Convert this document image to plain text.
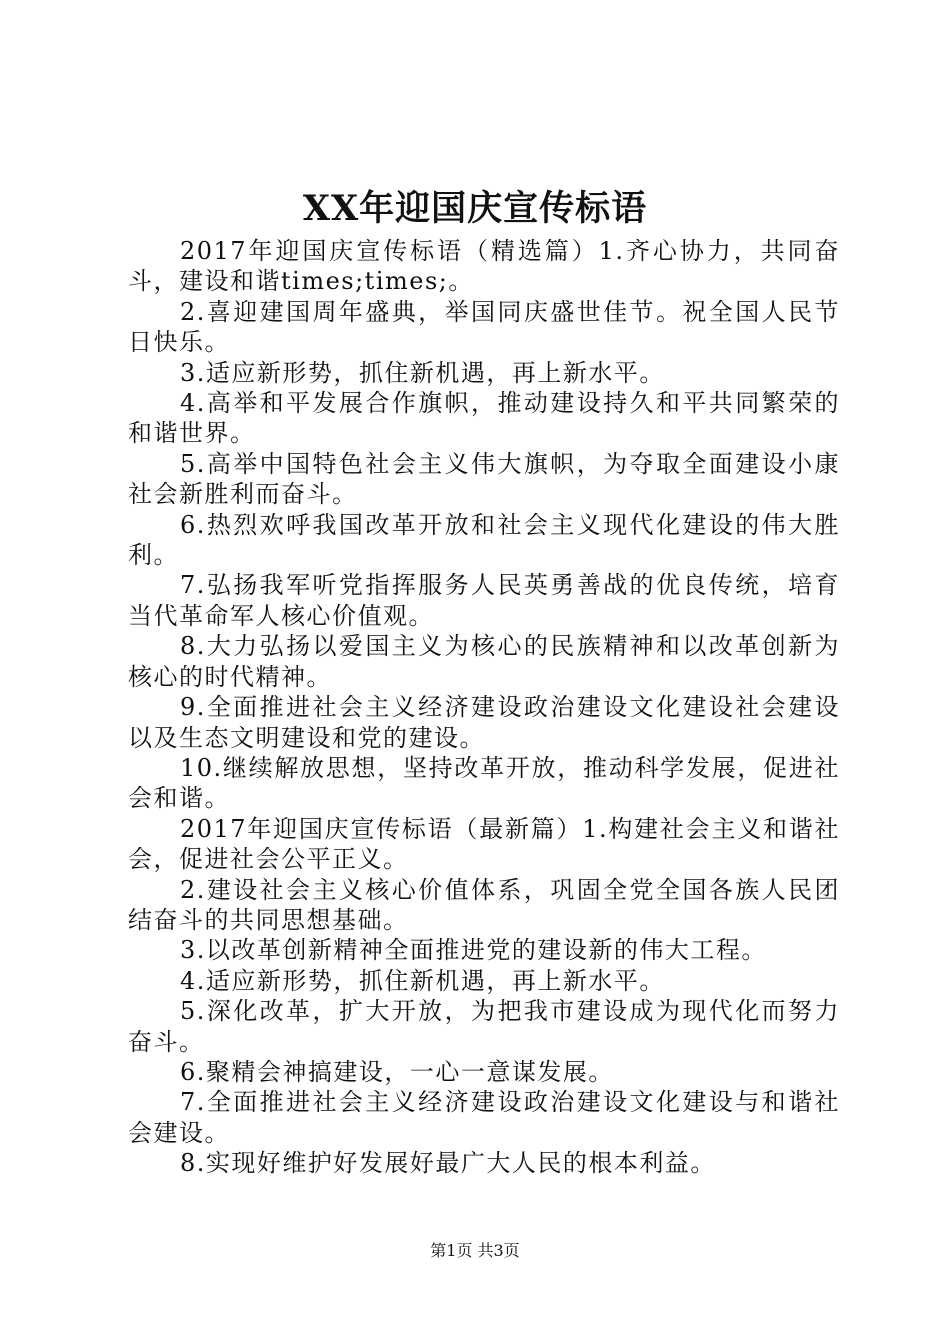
XX年迎国庆宣传标语

2017年迎国庆宣传标语（精选篇）1.齐心协力，共同奋斗，建设和谐times;times;。

2.喜迎建国周年盛典，举国同庆盛世佳节。祝全国人民节日快乐。

3.适应新形势，抓住新机遇，再上新水平。

4.高举和平发展合作旗帜，推动建设持久和平共同繁荣的和谐世界。

5.高举中国特色社会主义伟大旗帜，为夺取全面建设小康社会新胜利而奋斗。

6.热烈欢呼我国改革开放和社会主义现代化建设的伟大胜利。

7.弘扬我军听党指挥服务人民英勇善战的优良传统，培育当代革命军人核心价值观。

8.大力弘扬以爱国主义为核心的民族精神和以改革创新为核心的时代精神。

9.全面推进社会主义经济建设政治建设文化建设社会建设以及生态文明建设和党的建设。

10.继续解放思想，坚持改革开放，推动科学发展，促进社会和谐。

2017年迎国庆宣传标语（最新篇）1.构建社会主义和谐社会，促进社会公平正义。

2.建设社会主义核心价值体系，巩固全党全国各族人民团结奋斗的共同思想基础。

3.以改革创新精神全面推进党的建设新的伟大工程。

4.适应新形势，抓住新机遇，再上新水平。

5.深化改革，扩大开放，为把我市建设成为现代化而努力奋斗。

6.聚精会神搞建设，一心一意谋发展。

7.全面推进社会主义经济建设政治建设文化建设与和谐社会建设。

8.实现好维护好发展好最广大人民的根本利益。

第1页 共3页
